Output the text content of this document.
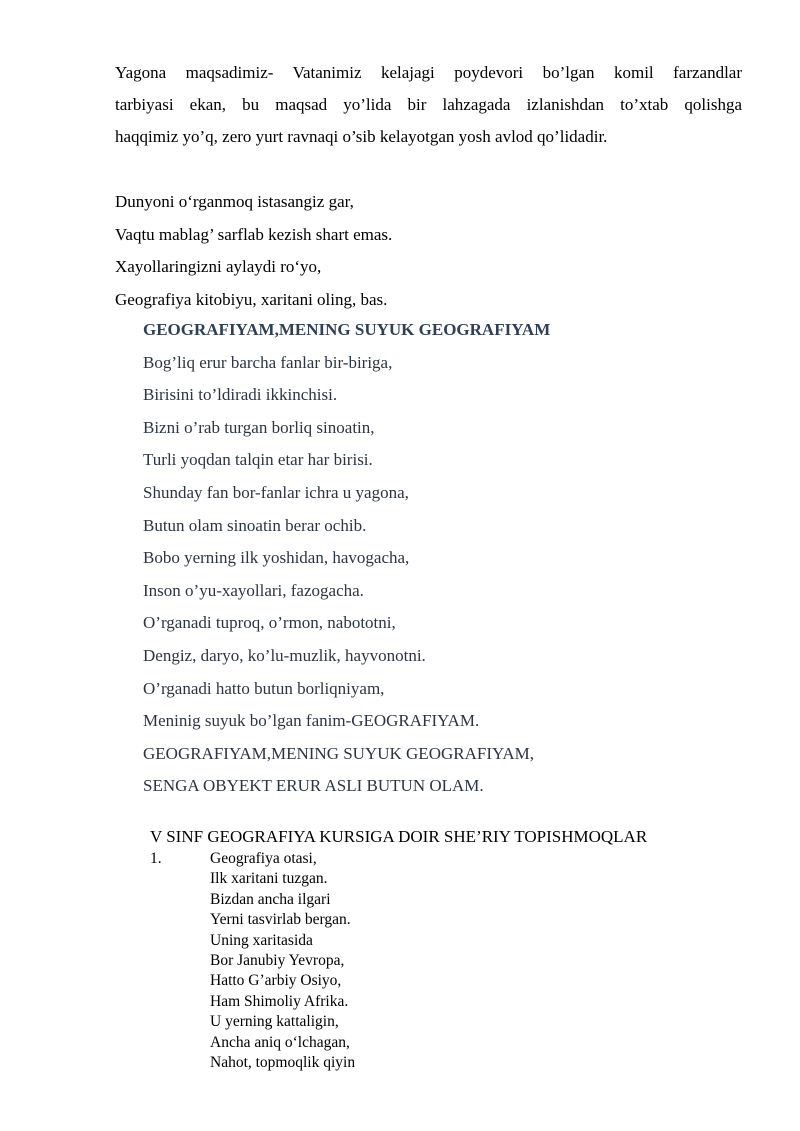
Yagona maqsadimiz- Vatanimiz kelajagi poydevori bo’lgan komil farzandlar
tarbiyasi ekan, bu maqsad yo’lida bir lahzagada izlanishdan to’xtab qolishga
haqqimiz yo’q, zero yurt ravnaqi o’sib kelayotgan yosh avlod qo’lidadir.

Dunyoni o‘rganmoq istasangiz gar,
Vaqtu mablag’ sarflab kezish shart emas.
Xayollaringizni aylaydi ro‘yo,
Geografiya kitobiyu, xaritani oling, bas.
GEOGRAFIYAM,MENING SUYUK GEOGRAFIYAM
Bog’liq erur barcha fanlar bir-biriga,
Birisini to’ldiradi ikkinchisi.
Bizni o’rab turgan borliq sinoatin,
Turli yoqdan talqin etar har birisi.
Shunday fan bor-fanlar ichra u yagona,
Butun olam sinoatin berar ochib.
Bobo yerning ilk yoshidan, havogacha,
Inson o’yu-xayollari, fazogacha.
O’rganadi tuproq, o’rmon, nabototni,
Dengiz, daryo, ko’lu-muzlik, hayvonotni.
O’rganadi hatto butun borliqniyam,
Meninig suyuk bo’lgan fanim-GEOGRAFIYAM.
GEOGRAFIYAM,MENING SUYUK GEOGRAFIYAM,
SENGA OBYEKT ERUR ASLI BUTUN OLAM.
V SINF GEOGRAFIYA KURSIGA DOIR SHE’RIY TOPISHMOQLAR
1.	Geografiya otasi,
Ilk xaritani tuzgan.
Bizdan ancha ilgari
Yerni tasvirlab bergan.
Uning xaritasida
Bor Janubiy Yevropa,
Hatto G’arbiy Osiyo,
Ham Shimoliy Afrika.
U yerning kattaligin,
Ancha aniq o‘lchagan,
Nahot, topmoqlik qiyin
